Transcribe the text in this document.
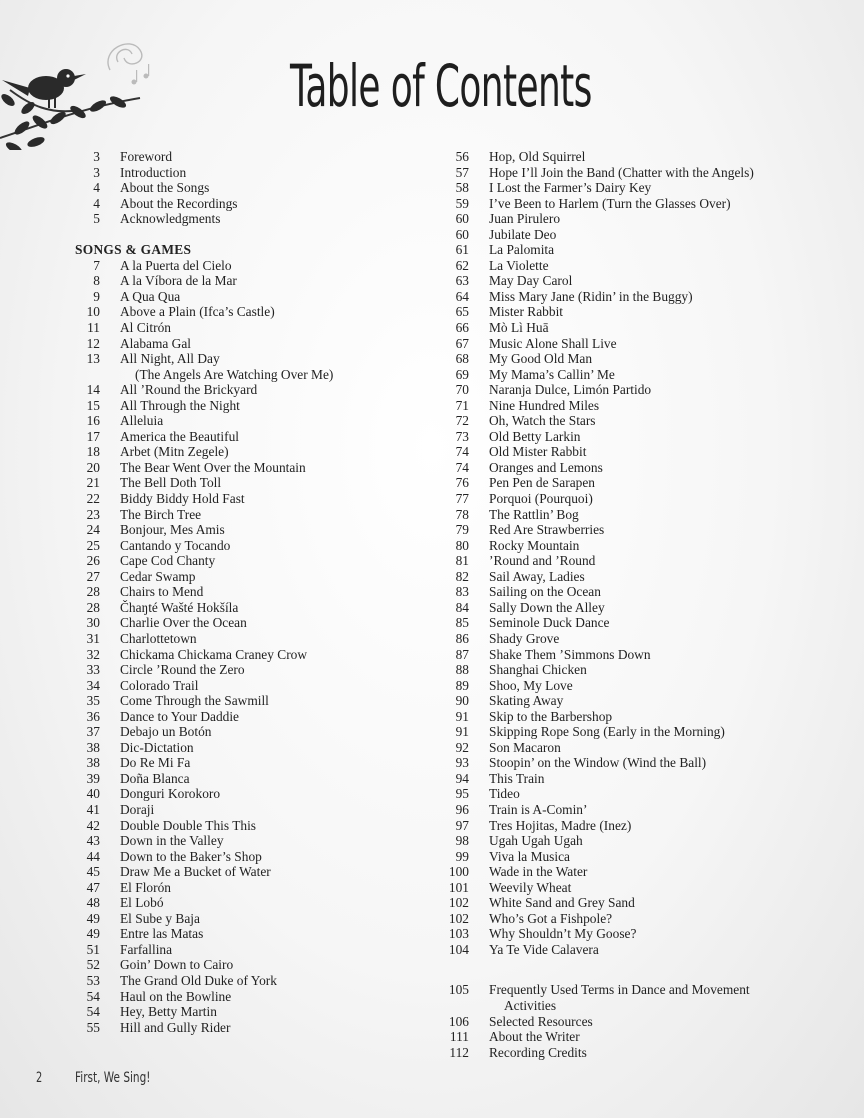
Table of Contents
3	Foreword
3	Introduction
4	About the Songs
4	About the Recordings
5	Acknowledgments
SONGS & GAMES
7	A la Puerta del Cielo
8	A la Víbora de la Mar
9	A Qua Qua
10	Above a Plain (Ifca’s Castle)
11	Al Citrón
12	Alabama Gal
13	All Night, All Day
(The Angels Are Watching Over Me)
14	All ’Round the Brickyard
15	All Through the Night
16	Alleluia
17	America the Beautiful
18	Arbet (Mitn Zegele)
20	The Bear Went Over the Mountain
21	The Bell Doth Toll
22	Biddy Biddy Hold Fast
23	The Birch Tree
24	Bonjour, Mes Amis
25	Cantando y Tocando
26	Cape Cod Chanty
27	Cedar Swamp
28	Chairs to Mend
28	Čhaŋté Wašté Hokšíla
30	Charlie Over the Ocean
31	Charlottetown
32	Chickama Chickama Craney Crow
33	Circle ’Round the Zero
34	Colorado Trail
35	Come Through the Sawmill
36	Dance to Your Daddie
37	Debajo un Botón
38	Dic-Dictation
38	Do Re Mi Fa
39	Doña Blanca
40	Donguri Korokoro
41	Doraji
42	Double Double This This
43	Down in the Valley
44	Down to the Baker’s Shop
45	Draw Me a Bucket of Water
47	El Florón
48	El Lobó
49	El Sube y Baja
49	Entre las Matas
51	Farfallina
52	Goin’ Down to Cairo
53	The Grand Old Duke of York
54	Haul on the Bowline
54	Hey, Betty Martin
55	Hill and Gully Rider
56	Hop, Old Squirrel
57	Hope I’ll Join the Band (Chatter with the Angels)
58	I Lost the Farmer’s Dairy Key
59	I’ve Been to Harlem (Turn the Glasses Over)
60	Juan Pirulero
60	Jubilate Deo
61	La Palomita
62	La Violette
63	May Day Carol
64	Miss Mary Jane (Ridin’ in the Buggy)
65	Mister Rabbit
66	Mò Lì Huā
67	Music Alone Shall Live
68	My Good Old Man
69	My Mama’s Callin’ Me
70	Naranja Dulce, Limón Partido
71	Nine Hundred Miles
72	Oh, Watch the Stars
73	Old Betty Larkin
74	Old Mister Rabbit
74	Oranges and Lemons
76	Pen Pen de Sarapen
77	Porquoi (Pourquoi)
78	The Rattlin’ Bog
79	Red Are Strawberries
80	Rocky Mountain
81	’Round and ’Round
82	Sail Away, Ladies
83	Sailing on the Ocean
84	Sally Down the Alley
85	Seminole Duck Dance
86	Shady Grove
87	Shake Them ’Simmons Down
88	Shanghai Chicken
89	Shoo, My Love
90	Skating Away
91	Skip to the Barbershop
91	Skipping Rope Song (Early in the Morning)
92	Son Macaron
93	Stoopin’ on the Window (Wind the Ball)
94	This Train
95	Tideo
96	Train is A-Comin’
97	Tres Hojitas, Madre (Inez)
98	Ugah Ugah Ugah
99	Viva la Musica
100	Wade in the Water
101	Weevily Wheat
102	White Sand and Grey Sand
102	Who’s Got a Fishpole?
103	Why Shouldn’t My Goose?
104	Ya Te Vide Calavera
105	Frequently Used Terms in Dance and Movement
Activities
106	Selected Resources
111	About the Writer
112	Recording Credits
2 First, We Sing!
